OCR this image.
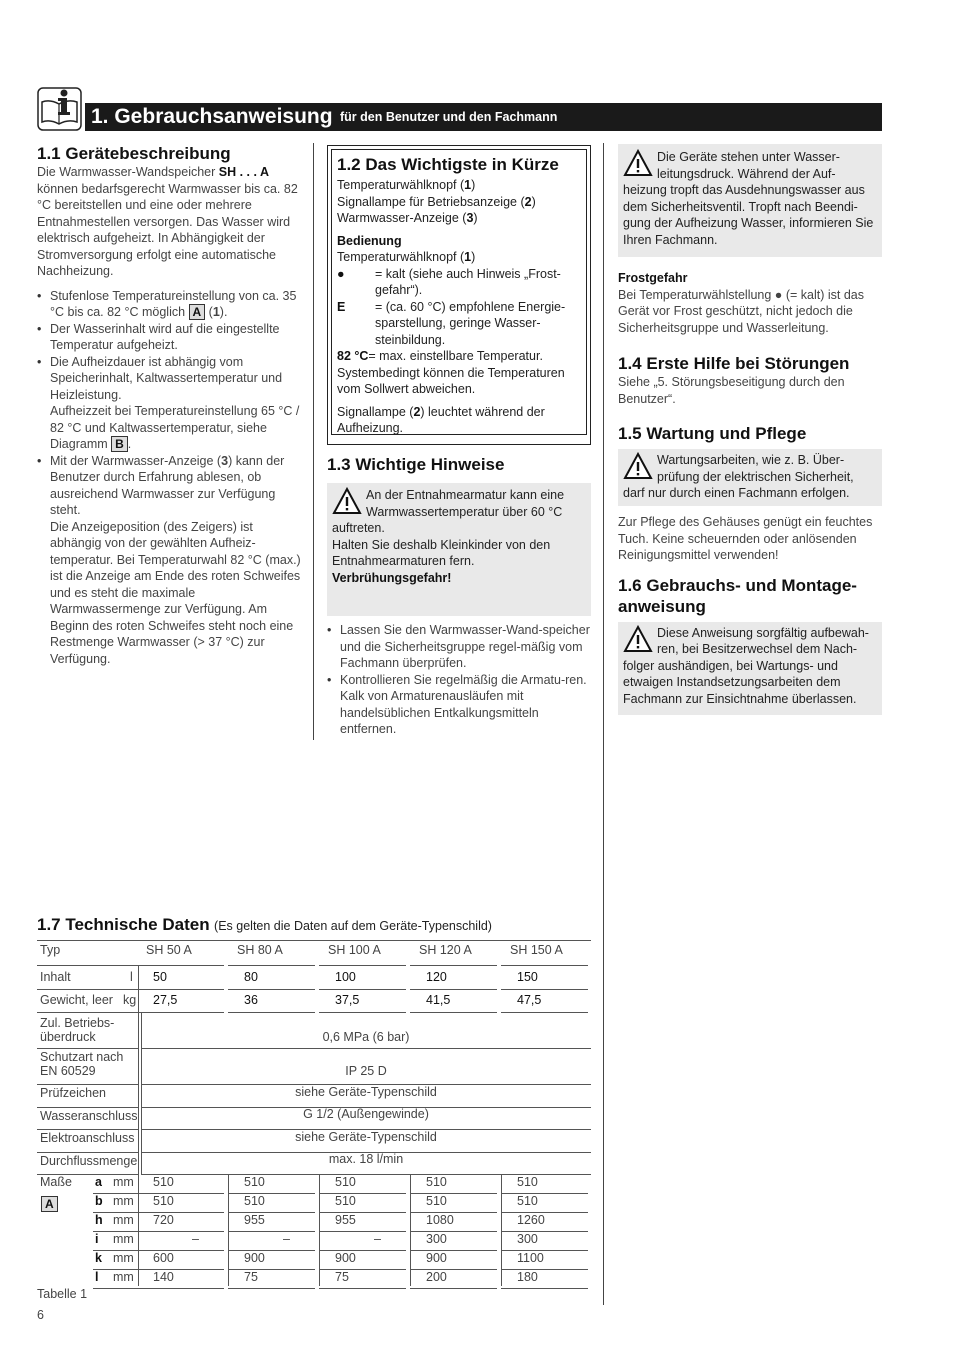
1. Gebrauchsanweisung für den Benutzer und den Fachmann
1.1 Gerätebeschreibung
Die Warmwasser-Wandspeicher SH . . . A können bedarfsgerecht Warmwasser bis ca. 82 °C bereitstellen und eine oder mehrere Entnahmestellen versorgen. Das Wasser wird elektrisch aufgeheizt. In Abhängigkeit der Stromversorgung erfolgt eine automatische Nachheizung.
• Stufenlose Temperatureinstellung von ca. 35 °C bis ca. 82 °C möglich A (1).
• Der Wasserinhalt wird auf die eingestellte Temperatur aufgeheizt.
• Die Aufheizdauer ist abhängig vom Speicherinhalt, Kaltwassertemperatur und Heizleistung.
Aufheizzeit bei Temperatureinstellung 65 °C / 82 °C und Kaltwassertemperatur, siehe Diagramm B .
• Mit der Warmwasser-Anzeige (3) kann der Benutzer durch Erfahrung ablesen, ob ausreichend Warmwasser zur Verfügung steht.
Die Anzeigeposition (des Zeigers) ist abhängig von der gewählten Aufheiz-temperatur. Bei Temperaturwahl 82 °C (max.) ist die Anzeige am Ende des roten Schweifes und es steht die maximale Warmwassermenge zur Verfügung. Am Beginn des roten Schweifes steht noch eine Restmenge Warmwasser (> 37 °C) zur Verfügung.
1.2 Das Wichtigste in Kürze
Temperaturwählknopf (1)
Signallampe für Betriebsanzeige (2)
Warmwasser-Anzeige (3)
Bedienung
Temperaturwählknopf (1)
●	= kalt (siehe auch Hinweis „Frost-gefahr“).
E	= (ca. 60 °C) empfohlene Energie-sparstellung, geringe Wasser-steinbildung.
82 °C= max. einstellbare Temperatur.
Systembedingt können die Temperaturen vom Sollwert abweichen.
Signallampe (2) leuchtet während der Aufheizung.
1.3 Wichtige Hinweise
An der Entnahmearmatur kann eine Warmwassertemperatur über 60 °C auftreten.
Halten Sie deshalb Kleinkinder von den Entnahmearmaturen fern.
Verbrühungsgefahr!
• Lassen Sie den Warmwasser-Wand-speicher und die Sicherheitsgruppe regel-mäßig vom Fachmann überprüfen.
• Kontrollieren Sie regelmäßig die Armatu-ren. Kalk von Armaturenausläufen mit handelsüblichen Entkalkungsmitteln entfernen.
Die Geräte stehen unter Wasser-leitungsdruck. Während der Auf-heizung tropft das Ausdehnungswasser aus dem Sicherheitsventil. Tropft nach Beendi-gung der Aufheizung Wasser, informieren Sie Ihren Fachmann.
Frostgefahr
Bei Temperaturwählstellung ● (= kalt) ist das Gerät vor Frost geschützt, nicht jedoch die Sicherheitsgruppe und Wasserleitung.
1.4 Erste Hilfe bei Störungen
Siehe „5. Störungsbeseitigung durch den Benutzer“.
1.5 Wartung und Pflege
Wartungsarbeiten, wie z. B. Über-prüfung der elektrischen Sicherheit, darf nur durch einen Fachmann erfolgen.
Zur Pflege des Gehäuses genügt ein feuchtes Tuch. Keine scheuernden oder anlösenden Reinigungsmittel verwenden!
1.6 Gebrauchs- und Montage-anweisung
Diese Anweisung sorgfältig aufbewah-ren, bei Besitzerwechsel dem Nach-folger aushändigen, bei Wartungs- und etwaigen Instandsetzungsarbeiten dem Fachmann zur Einsichtnahme überlassen.
1.7 Technische Daten (Es gelten die Daten auf dem Geräte-Typenschild)
Typ	SH 50 A	SH 80 A	SH 100 A	SH 120 A	SH 150 A
Inhalt	l 50	80	100	120	150
Gewicht, leer kg 27,5	36	37,5	41,5	47,5
Zul. Betriebs-überdruck	0,6 MPa (6 bar)
Schutzart nach EN 60529	IP 25 D
Prüfzeichen	siehe Geräte-Typenschild
Wasseranschluss	G 1/2 (Außengewinde)
Elektroanschluss	siehe Geräte-Typenschild
Durchflussmenge	max. 18 l/min
Maße
A
a mm 510	510	510	510	510
b mm 510	510	510	510	510
h mm 720	955	955	1080	1260
i mm	–	–	–	300	300
k mm 600	900	900	900	1100
l mm 140	75	75	200	180
Tabelle 1
6
